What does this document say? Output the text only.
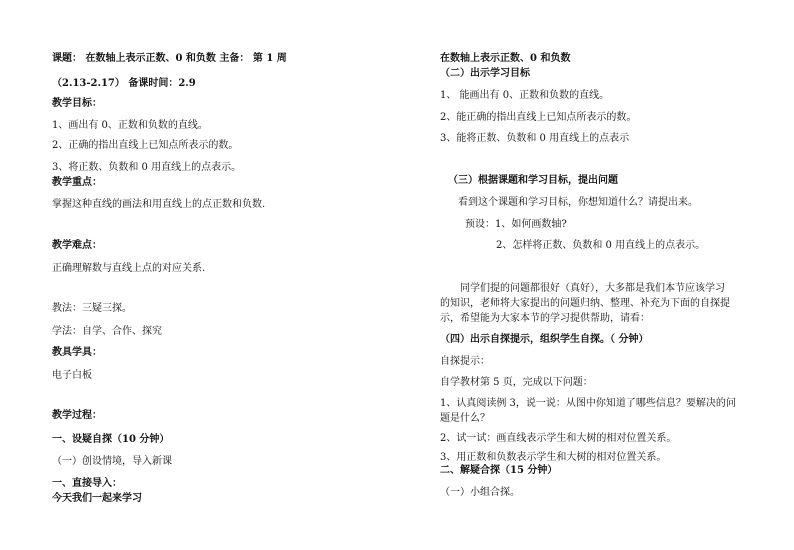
课题： 在数轴上表示正数、0 和负数 主备： 第 1 周
（2.13-2.17） 备课时间：2.9
教学目标：
1、画出有 0、正数和负数的直线。
2、正确的指出直线上已知点所表示的数。
3、将正数、负数和 0 用直线上的点表示。
教学重点：
掌握这种直线的画法和用直线上的点正数和负数.
教学难点：
正确理解数与直线上点的对应关系.
教法：三疑三探。
学法：自学、合作、探究
教具学具：
电子白板
教学过程：
一、设疑自探（10 分钟）
（一）创设情境，导入新课
一、直接导入：
今天我们一起来学习
在数轴上表示正数、0 和负数
（二）出示学习目标
1、 能画出有 0、正数和负数的直线。
2、能正确的指出直线上已知点所表示的数。
3、能将正数、负数和 0 用直线上的点表示
（三）根据课题和学习目标，提出问题
看到这个课题和学习目标，你想知道什么？请提出来。
预设：1、如何画数轴?
2、怎样将正数、负数和 0 用直线上的点表示。
同学们提的问题都很好（真好），大多都是我们本节应该学习
的知识，老师将大家提出的问题归纳、整理、补充为下面的自探提
示，希望能为大家本节的学习提供帮助，请看：
（四）出示自探提示，组织学生自探。（ 分钟）
自探提示：
自学教材第 5 页，完成以下问题：
1、认真阅读例 3，说一说：从图中你知道了哪些信息？要解决的问
题是什么？
2、试一试：画直线表示学生和大树的相对位置关系。
3、用正数和负数表示学生和大树的相对位置关系。
二、解疑合探（15 分钟）
（一）小组合探。
